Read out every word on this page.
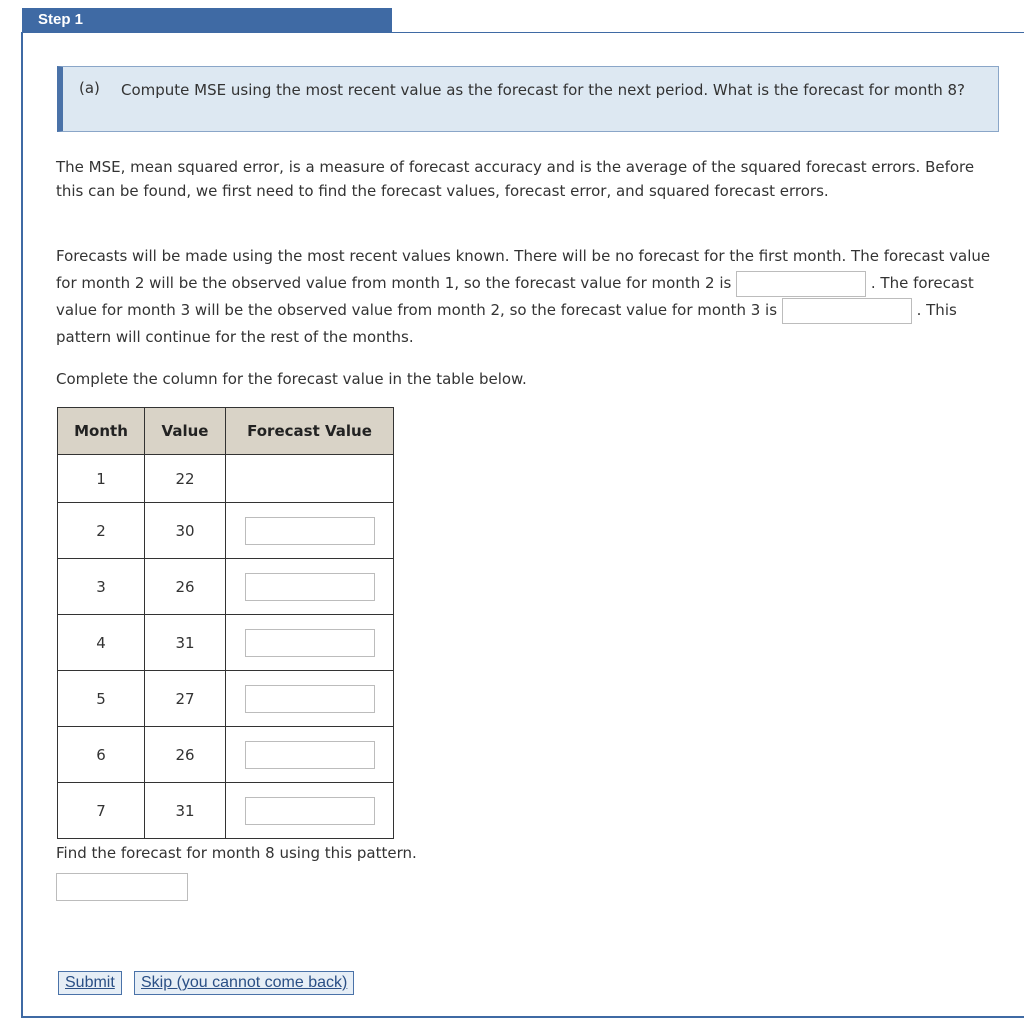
Step 1
(a) Compute MSE using the most recent value as the forecast for the next period. What is the forecast for month 8?
The MSE, mean squared error, is a measure of forecast accuracy and is the average of the squared forecast errors. Before this can be found, we first need to find the forecast values, forecast error, and squared forecast errors.
Forecasts will be made using the most recent values known. There will be no forecast for the first month. The forecast value for month 2 will be the observed value from month 1, so the forecast value for month 2 is	. The forecast value for month 3 will be the observed value from month 2, so the forecast value for month 3 is	. This pattern will continue for the rest of the months.
Complete the column for the forecast value in the table below.
Month	Value	Forecast Value
1	22	
2	30	

3	26	

4	31	

5	27	

6	26	

7	31	
Find the forecast for month 8 using this pattern.
Submit	Skip (you cannot come back)
